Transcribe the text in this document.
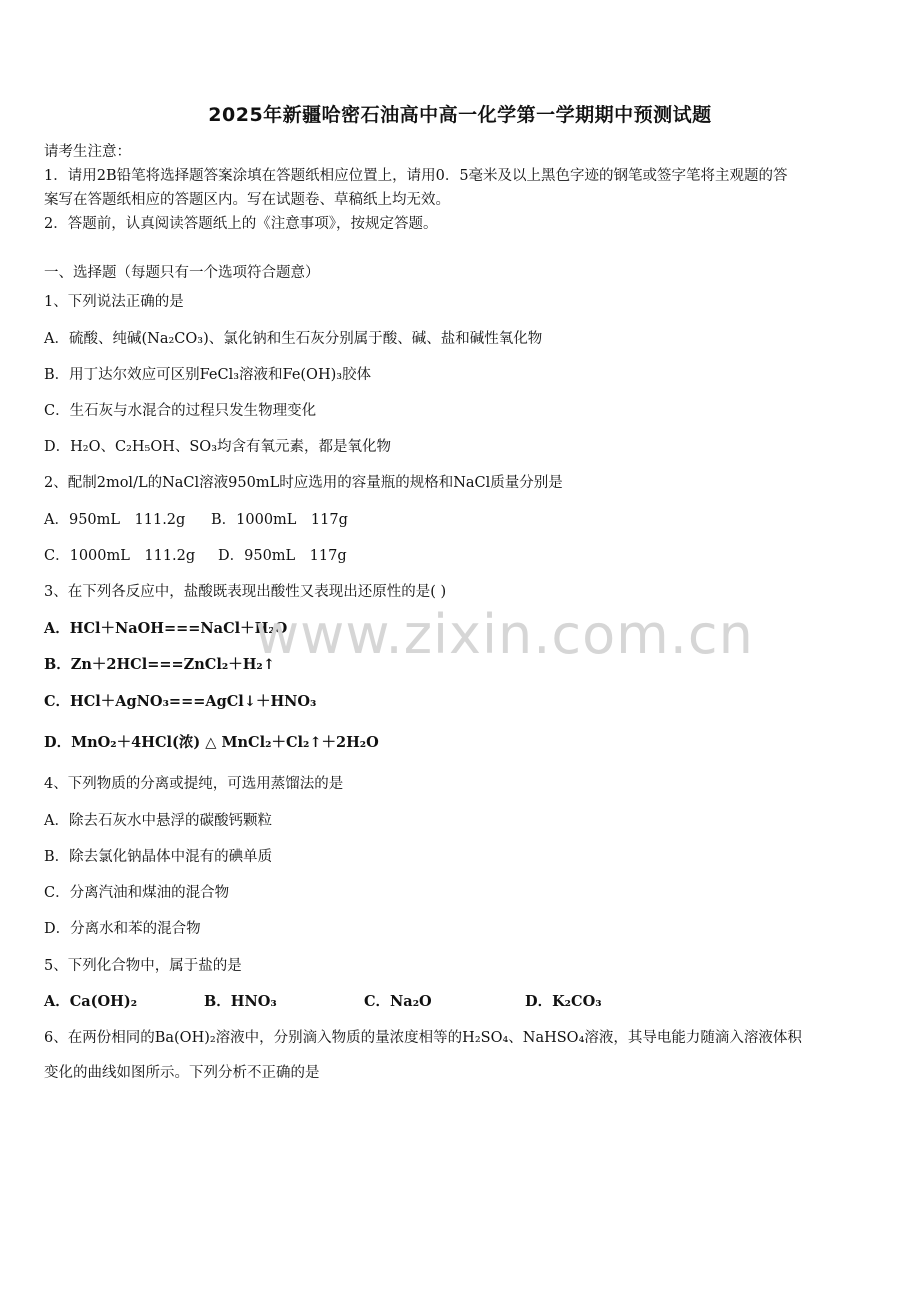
2025年新疆哈密石油高中高一化学第一学期期中预测试题
请考生注意：
1．请用2B铅笔将选择题答案涂填在答题纸相应位置上，请用0．5毫米及以上黑色字迹的钢笔或签字笔将主观题的答
案写在答题纸相应的答题区内。写在试题卷、草稿纸上均无效。
2．答题前，认真阅读答题纸上的《注意事项》，按规定答题。
一、选择题（每题只有一个选项符合题意）
1、下列说法正确的是
A．硫酸、纯碱(Na₂CO₃)、氯化钠和生石灰分别属于酸、碱、盐和碱性氧化物
B．用丁达尔效应可区别FeCl₃溶液和Fe(OH)₃胶体
C．生石灰与水混合的过程只发生物理变化
D．H₂O、C₂H₅OH、SO₃均含有氧元素，都是氧化物
2、配制2mol/L的NaCl溶液950mL时应选用的容量瓶的规格和NaCl质量分别是
A．950mL　111.2g B．1000mL　117g
C．1000mL　111.2g D．950mL　117g
3、在下列各反应中，盐酸既表现出酸性又表现出还原性的是( )
A．HCl＋NaOH===NaCl＋H₂O
B．Zn＋2HCl===ZnCl₂＋H₂↑
C．HCl＋AgNO₃===AgCl↓＋HNO₃
D．MnO₂＋4HCl(浓) △ MnCl₂＋Cl₂↑＋2H₂O
www.zixin.com.cn
4、下列物质的分离或提纯，可选用蒸馏法的是
A．除去石灰水中悬浮的碳酸钙颗粒
B．除去氯化钠晶体中混有的碘单质
C．分离汽油和煤油的混合物
D．分离水和苯的混合物
5、下列化合物中，属于盐的是
A．Ca(OH)₂	B．HNO₃	C．Na₂O	D．K₂CO₃
6、在两份相同的Ba(OH)₂溶液中，分别滴入物质的量浓度相等的H₂SO₄、NaHSO₄溶液，其导电能力随滴入溶液体积
变化的曲线如图所示。下列分析不正确的是
